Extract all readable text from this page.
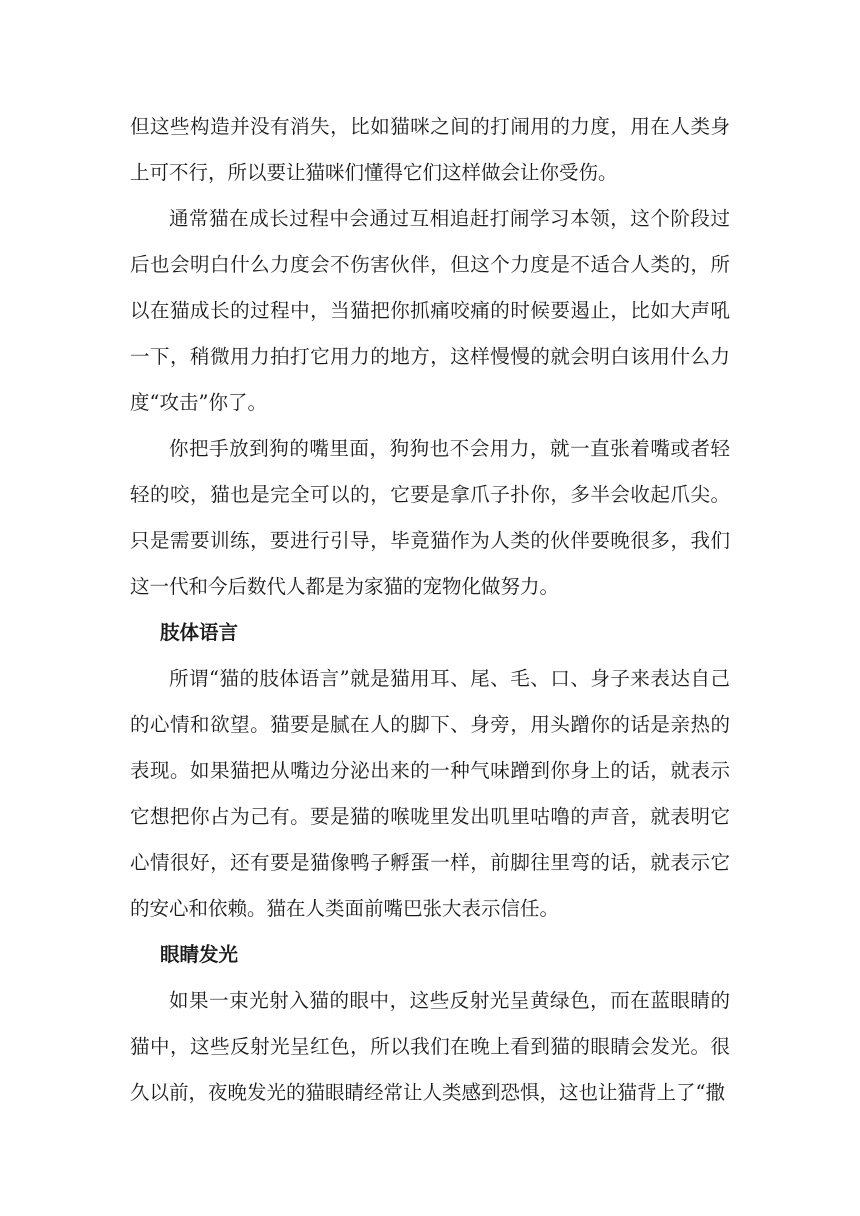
但这些构造并没有消失，比如猫咪之间的打闹用的力度，用在人类身上可不行，所以要让猫咪们懂得它们这样做会让你受伤。

通常猫在成长过程中会通过互相追赶打闹学习本领，这个阶段过后也会明白什么力度会不伤害伙伴，但这个力度是不适合人类的，所以在猫成长的过程中，当猫把你抓痛咬痛的时候要遏止，比如大声吼一下，稍微用力拍打它用力的地方，这样慢慢的就会明白该用什么力度“攻击”你了。

你把手放到狗的嘴里面，狗狗也不会用力，就一直张着嘴或者轻轻的咬，猫也是完全可以的，它要是拿爪子扑你，多半会收起爪尖。只是需要训练，要进行引导，毕竟猫作为人类的伙伴要晚很多，我们这一代和今后数代人都是为家猫的宠物化做努力。

肢体语言

所谓“猫的肢体语言”就是猫用耳、尾、毛、口、身子来表达自己的心情和欲望。猫要是腻在人的脚下、身旁，用头蹭你的话是亲热的表现。如果猫把从嘴边分泌出来的一种气味蹭到你身上的话，就表示它想把你占为己有。要是猫的喉咙里发出叽里咕噜的声音，就表明它心情很好，还有要是猫像鸭子孵蛋一样，前脚往里弯的话，就表示它的安心和依赖。猫在人类面前嘴巴张大表示信任。

眼睛发光

如果一束光射入猫的眼中，这些反射光呈黄绿色，而在蓝眼睛的猫中，这些反射光呈红色，所以我们在晚上看到猫的眼睛会发光。很久以前，夜晚发光的猫眼睛经常让人类感到恐惧，这也让猫背上了“撒
